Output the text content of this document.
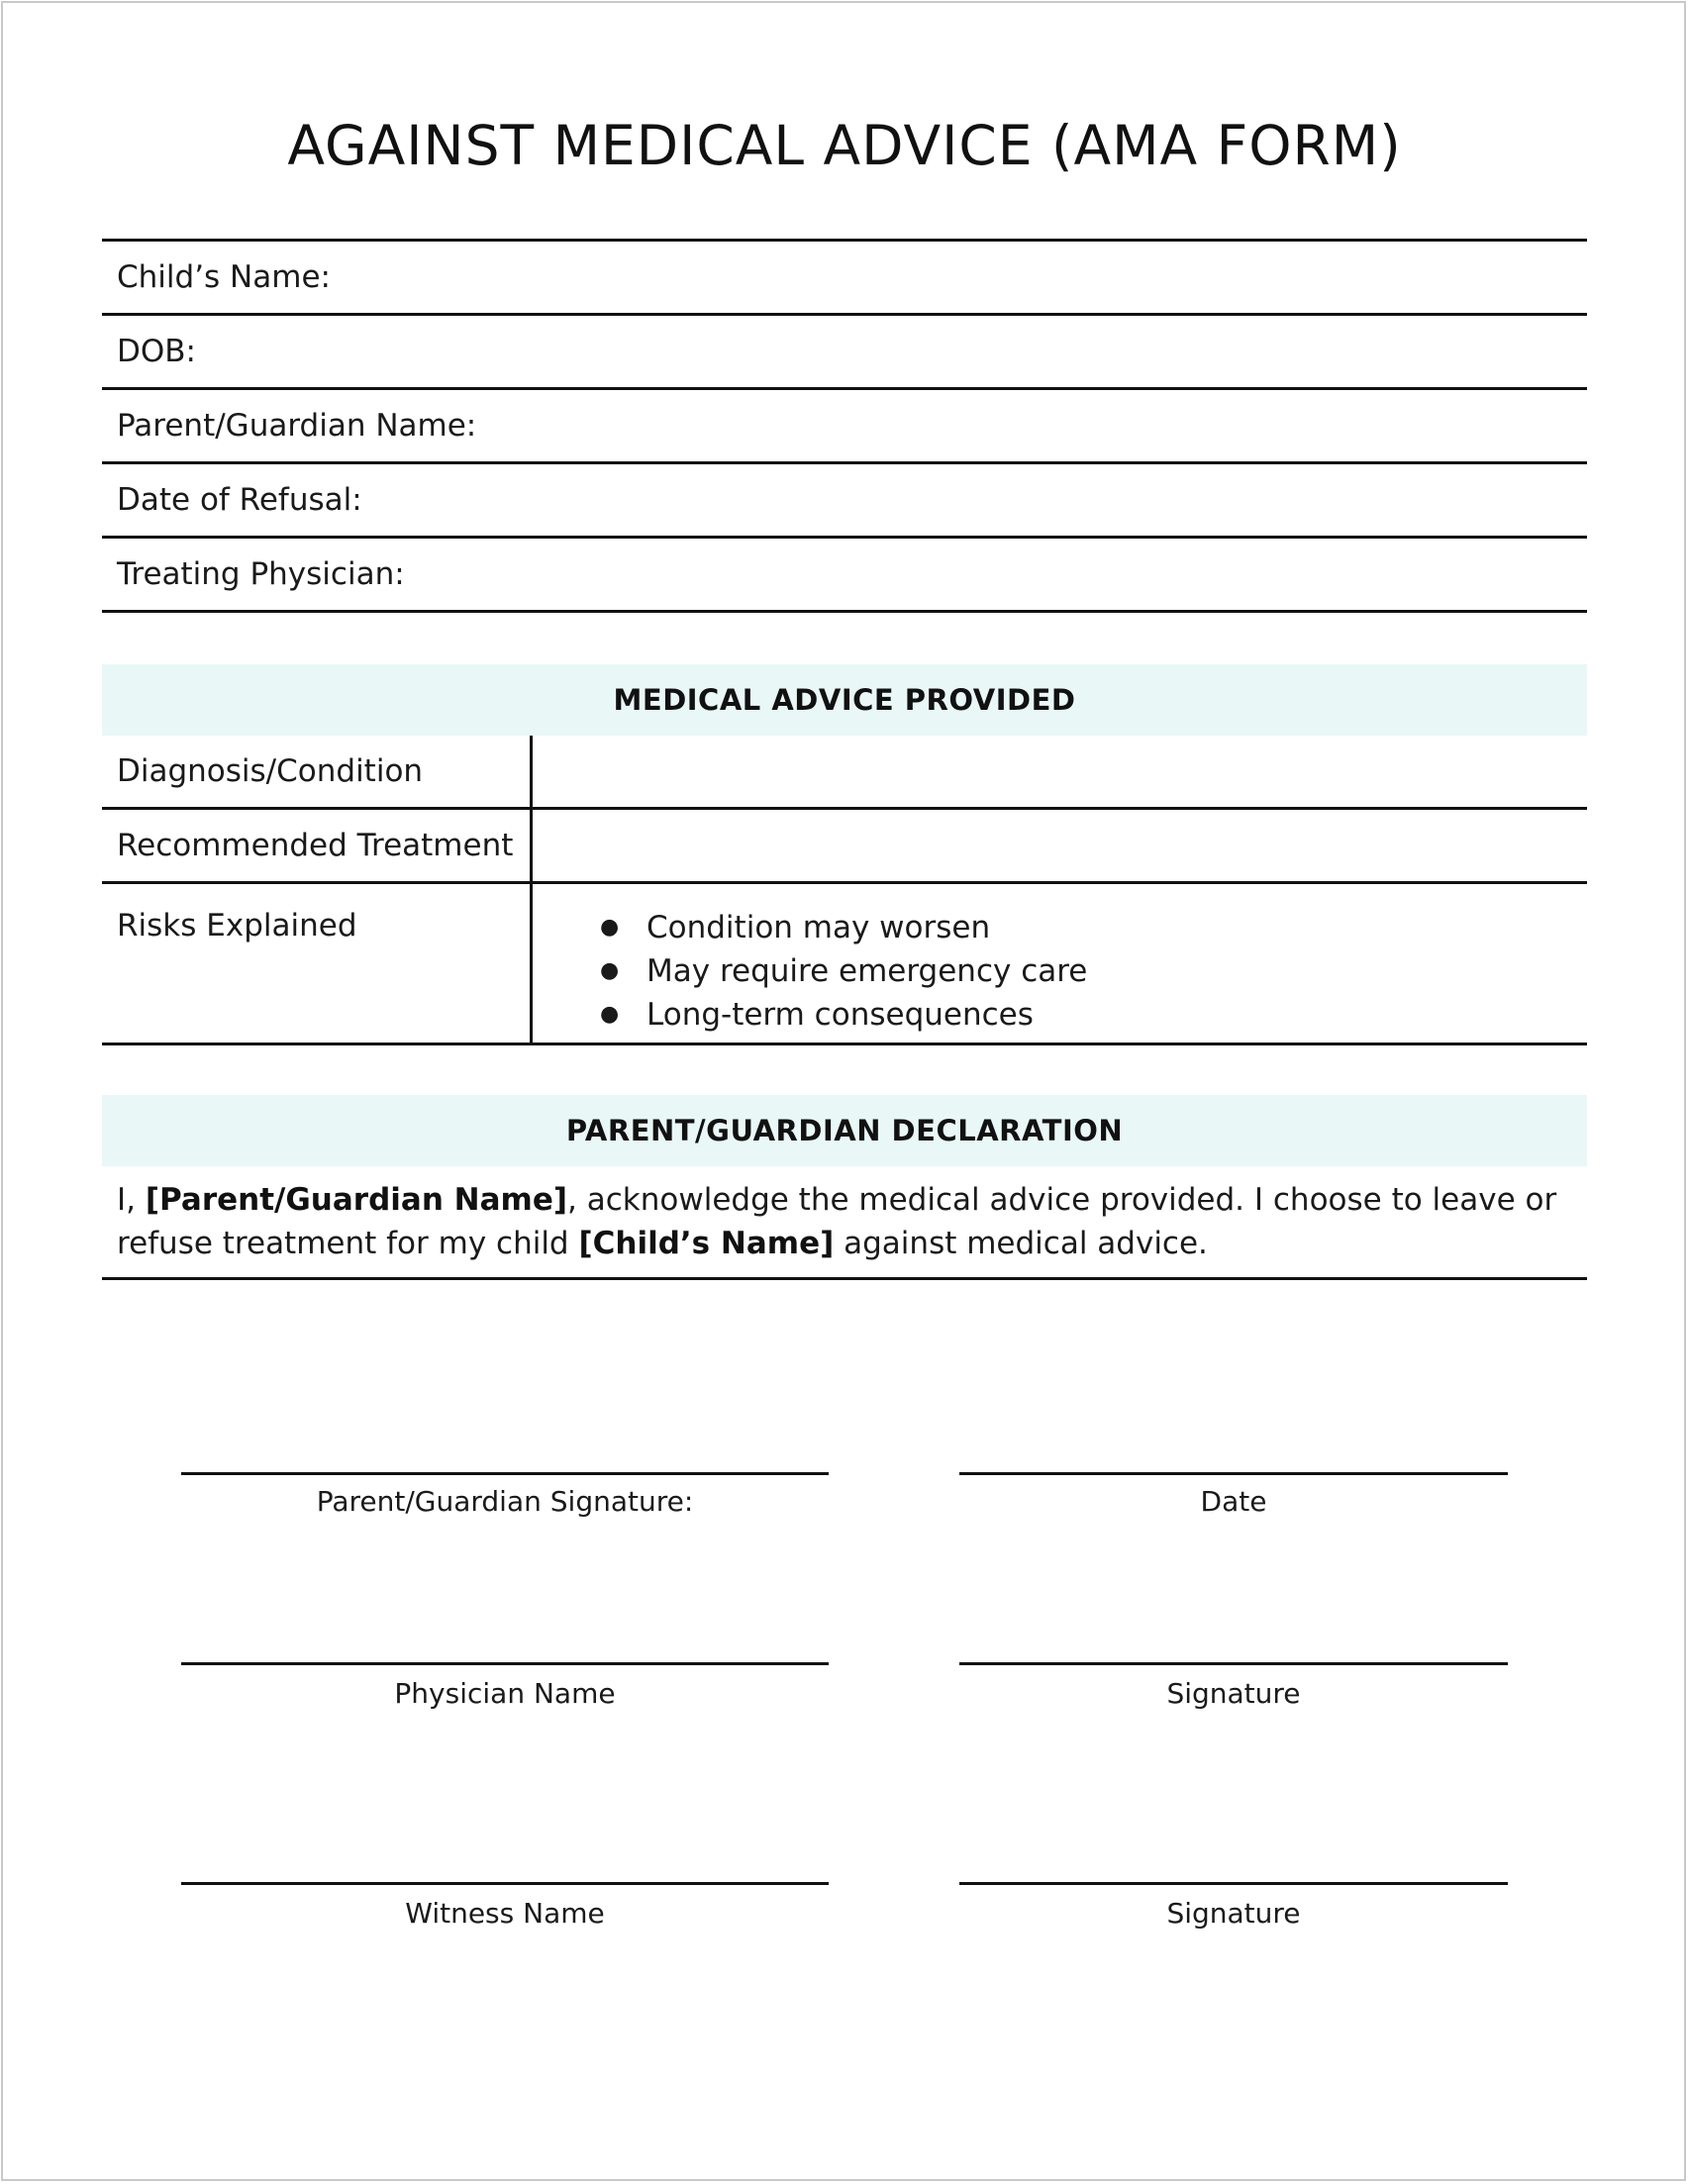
AGAINST MEDICAL ADVICE (AMA FORM)
Child’s Name:
DOB:
Parent/Guardian Name:
Date of Refusal:
Treating Physician:
MEDICAL ADVICE PROVIDED
Diagnosis/Condition
Recommended Treatment
Risks Explained	● Condition may worsen
● May require emergency care
● Long-term consequences
PARENT/GUARDIAN DECLARATION
I, [Parent/Guardian Name], acknowledge the medical advice provided. I choose to leave or refuse treatment for my child [Child’s Name] against medical advice.
Parent/Guardian Signature:	Date
Physician Name	Signature
Witness Name	Signature
